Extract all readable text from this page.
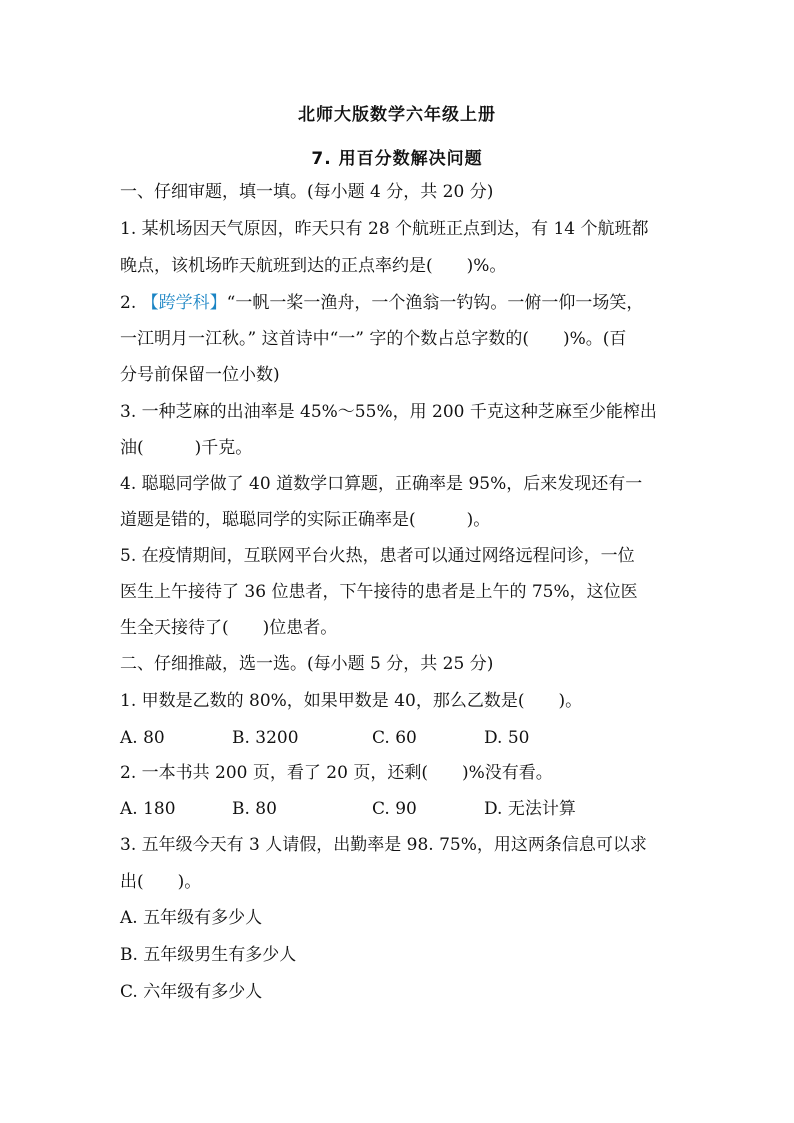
北师大版数学六年级上册
7. 用百分数解决问题
一、仔细审题，填一填。(每小题 4 分，共 20 分)
1. 某机场因天气原因，昨天只有 28 个航班正点到达，有 14 个航班都
晚点，该机场昨天航班到达的正点率约是(　　)%。
2. 【跨学科】“一帆一桨一渔舟，一个渔翁一钓钩。一俯一仰一场笑，
一江明月一江秋。” 这首诗中“一” 字的个数占总字数的(　　)%。(百
分号前保留一位小数)
3. 一种芝麻的出油率是 45%～55%，用 200 千克这种芝麻至少能榨出
油(　　　)千克。
4. 聪聪同学做了 40 道数学口算题，正确率是 95%，后来发现还有一
道题是错的，聪聪同学的实际正确率是(　　　)。
5. 在疫情期间，互联网平台火热，患者可以通过网络远程问诊，一位
医生上午接待了 36 位患者，下午接待的患者是上午的 75%，这位医
生全天接待了(　　)位患者。
二、仔细推敲，选一选。(每小题 5 分，共 25 分)
1. 甲数是乙数的 80%，如果甲数是 40，那么乙数是(　　)。
A. 80	B. 3200	C. 60	D. 50
2. 一本书共 200 页，看了 20 页，还剩(　　)%没有看。
A. 180	B. 80	C. 90	D. 无法计算
3. 五年级今天有 3 人请假，出勤率是 98. 75%，用这两条信息可以求
出(　　)。
A. 五年级有多少人
B. 五年级男生有多少人
C. 六年级有多少人
